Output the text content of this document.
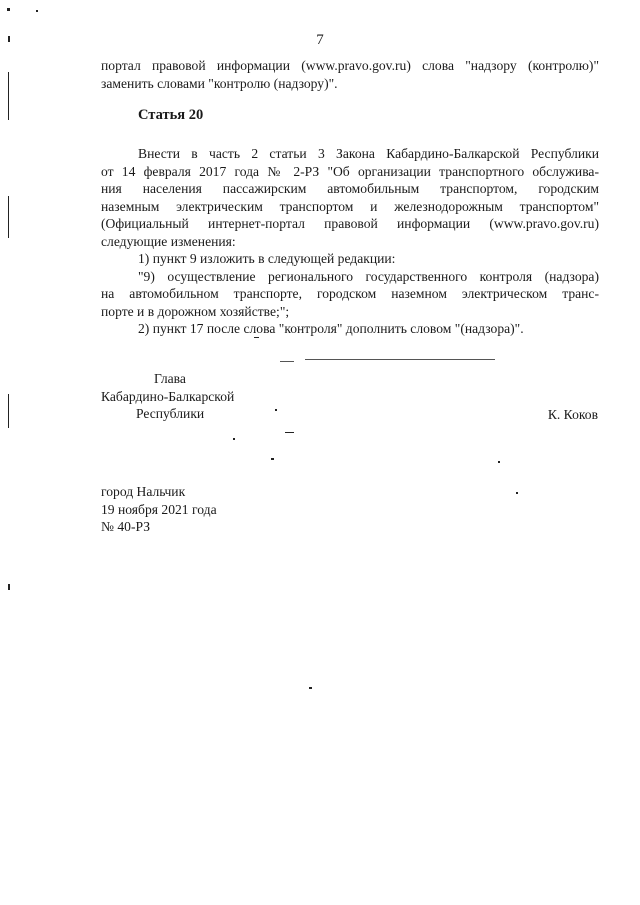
7

портал правовой информации (www.pravo.gov.ru) слова "надзору (контролю)"

заменить словами "контролю (надзору)".

Статья 20

Внести в часть 2 статьи 3 Закона Кабардино-Балкарской Республики

от 14 февраля 2017 года № 2-РЗ "Об организации транспортного обслужива-

ния населения пассажирским автомобильным транспортом, городским

наземным электрическим транспортом и железнодорожным транспортом"

(Официальный интернет-портал правовой информации (www.pravo.gov.ru)

следующие изменения:

1) пункт 9 изложить в следующей редакции:

"9) осуществление регионального государственного контроля (надзора)

на автомобильном транспорте, городском наземном электрическом транс-

порте и в дорожном хозяйстве;";

2) пункт 17 после слова "контроля" дополнить словом "(надзора)".

Глава
Кабардино-Балкарской
Республики	К. Коков
город Нальчик
19 ноября 2021 года
№ 40-РЗ
